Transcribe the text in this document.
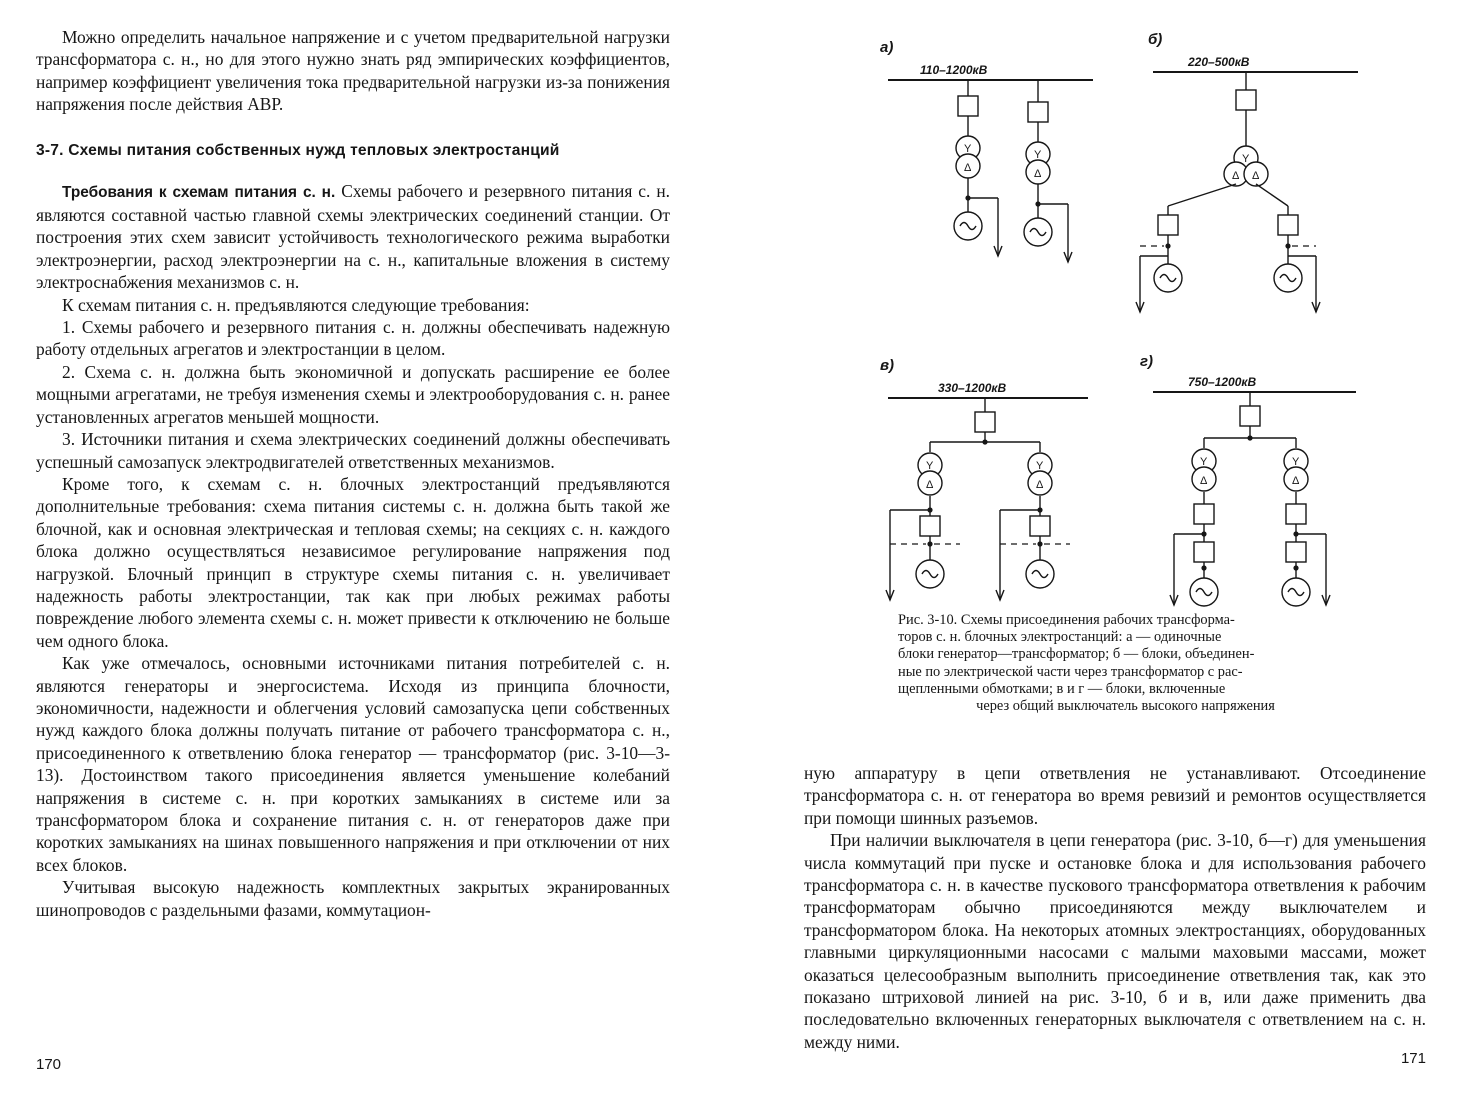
Можно определить начальное напряжение и с учетом предварительной нагрузки трансформатора с. н., но для этого нужно знать ряд эмпирических коэффициентов, например коэффициент увеличения тока предварительной нагрузки из-за понижения напряжения после действия АВР.

3-7. Схемы питания собственных нужд тепловых электростанций

Требования к схемам питания с. н. Схемы рабочего и резервного питания с. н. являются составной частью главной схемы электрических соединений станции. От построения этих схем зависит устойчивость технологического режима выработки электроэнергии, расход электроэнергии на с. н., капитальные вложения в систему электроснабжения механизмов с. н.

К схемам питания с. н. предъявляются следующие требования:

1. Схемы рабочего и резервного питания с. н. должны обеспечивать надежную работу отдельных агрегатов и электростанции в целом.

2. Схема с. н. должна быть экономичной и допускать расширение ее более мощными агрегатами, не требуя изменения схемы и электрооборудования с. н. ранее установленных агрегатов меньшей мощности.

3. Источники питания и схема электрических соединений должны обеспечивать успешный самозапуск электродвигателей ответственных механизмов.

Кроме того, к схемам с. н. блочных электростанций предъявляются дополнительные требования: схема питания системы с. н. должна быть такой же блочной, как и основная электрическая и тепловая схемы; на секциях с. н. каждого блока должно осуществляться независимое регулирование напряжения под нагрузкой. Блочный принцип в структуре схемы питания с. н. увеличивает надежность работы электростанции, так как при любых режимах работы повреждение любого элемента схемы с. н. может привести к отключению не больше чем одного блока.

Как уже отмечалось, основными источниками питания потребителей с. н. являются генераторы и энергосистема. Исходя из принципа блочности, экономичности, надежности и облегчения условий самозапуска цепи собственных нужд каждого блока должны получать питание от рабочего трансформатора с. н., присоединенного к ответвлению блока генератор — трансформатор (рис. 3-10—3-13). Достоинством такого присоединения является уменьшение колебаний напряжения в системе с. н. при коротких замыканиях в системе или за трансформатором блока и сохранение питания с. н. от генераторов даже при коротких замыканиях на шинах повышенного напряжения и при отключении от них всех блоков.

Учитывая высокую надежность комплектных закрытых экранированных шинопроводов с раздельными фазами, коммутацион-

170
а)
110–1200кВ
Y
Δ
Y
Δ
б)
220–500кВ
Y
Δ Δ
в)
330–1200кВ
Y
Δ
Y
Δ
г)
750–1200кВ
Y
Δ
Y
Δ
Рис. 3-10. Схемы присоединения рабочих трансформа-
торов с. н. блочных электростанций: а — одиночные
блоки генератор—трансформатор; б — блоки, объединен-
ные по электрической части через трансформатор с рас-
щепленными обмотками; в и г — блоки, включенные
через общий выключатель высокого напряжения

ную аппаратуру в цепи ответвления не устанавливают. Отсоединение трансформатора с. н. от генератора во время ревизий и ремонтов осуществляется при помощи шинных разъемов.

При наличии выключателя в цепи генератора (рис. 3-10, б—г) для уменьшения числа коммутаций при пуске и остановке блока и для использования рабочего трансформатора с. н. в качестве пускового трансформатора ответвления к рабочим трансформаторам обычно присоединяются между выключателем и трансформатором блока. На некоторых атомных электростанциях, оборудованных главными циркуляционными насосами с малыми маховыми массами, может оказаться целесообразным выполнить присоединение ответвления так, как это показано штриховой линией на рис. 3-10, б и в, или даже применить два последовательно включенных генераторных выключателя с ответвлением на с. н. между ними.

171
